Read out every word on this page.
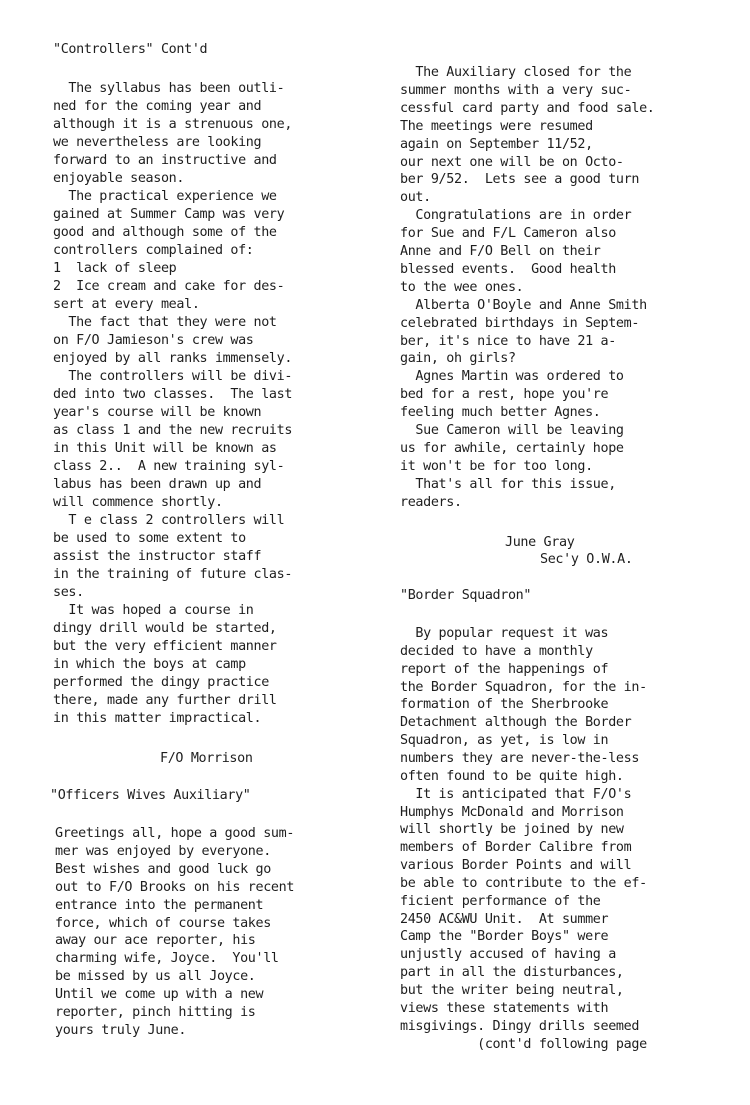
"Controllers" Cont'd
The syllabus has been outli-
ned for the coming year and
although it is a strenuous one,
we nevertheless are looking
forward to an instructive and
enjoyable season.
The practical experience we
gained at Summer Camp was very
good and although some of the
controllers complained of:
1  lack of sleep
2  Ice cream and cake for des-
sert at every meal.
The fact that they were not
on F/O Jamieson's crew was
enjoyed by all ranks immensely.
The controllers will be divi-
ded into two classes.  The last
year's course will be known
as class 1 and the new recruits
in this Unit will be known as
class 2..  A new training syl-
labus has been drawn up and
will commence shortly.
T e class 2 controllers will
be used to some extent to
assist the instructor staff
in the training of future clas-
ses.
It was hoped a course in
dingy drill would be started,
but the very efficient manner
in which the boys at camp
performed the dingy practice
there, made any further drill
in this matter impractical.
F/O Morrison
"Officers Wives Auxiliary"
Greetings all, hope a good sum-
mer was enjoyed by everyone.
Best wishes and good luck go
out to F/O Brooks on his recent
entrance into the permanent
force, which of course takes
away our ace reporter, his
charming wife, Joyce.  You'll
be missed by us all Joyce.
Until we come up with a new
reporter, pinch hitting is
yours truly June.
The Auxiliary closed for the
summer months with a very suc-
cessful card party and food sale.
The meetings were resumed
again on September 11/52,
our next one will be on Octo-
ber 9/52.  Lets see a good turn
out.
Congratulations are in order
for Sue and F/L Cameron also
Anne and F/O Bell on their
blessed events.  Good health
to the wee ones.
Alberta O'Boyle and Anne Smith
celebrated birthdays in Septem-
ber, it's nice to have 21 a-
gain, oh girls?
Agnes Martin was ordered to
bed for a rest, hope you're
feeling much better Agnes.
Sue Cameron will be leaving
us for awhile, certainly hope
it won't be for too long.
That's all for this issue,
readers.
June Gray
Sec'y O.W.A.
"Border Squadron"
By popular request it was
decided to have a monthly
report of the happenings of
the Border Squadron, for the in-
formation of the Sherbrooke
Detachment although the Border
Squadron, as yet, is low in
numbers they are never-the-less
often found to be quite high.
It is anticipated that F/O's
Humphys McDonald and Morrison
will shortly be joined by new
members of Border Calibre from
various Border Points and will
be able to contribute to the ef-
ficient performance of the
2450 AC&WU Unit.  At summer
Camp the "Border Boys" were
unjustly accused of having a
part in all the disturbances,
but the writer being neutral,
views these statements with
misgivings. Dingy drills seemed
(cont'd following page
